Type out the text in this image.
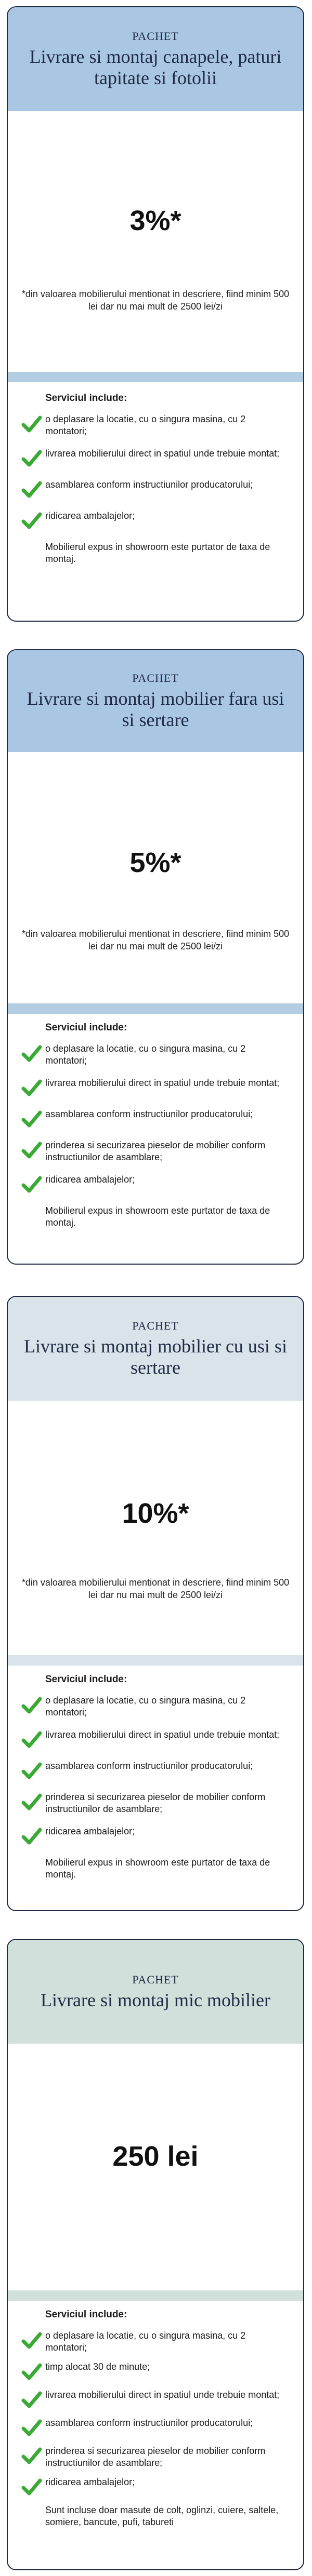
PACHET
Livrare si montaj canapele, paturi tapitate si fotolii
3%*
*din valoarea mobilierului mentionat in descriere, fiind minim 500 lei dar nu mai mult de 2500 lei/zi
Serviciul include:
o deplasare la locatie, cu o singura masina, cu 2 montatori;
livrarea mobilierului direct in spatiul unde trebuie montat;
asamblarea conform instructiunilor producatorului;
ridicarea ambalajelor;
Mobilierul expus in showroom este purtator de taxa de montaj.
PACHET
Livrare si montaj mobilier fara usi si sertare
5%*
*din valoarea mobilierului mentionat in descriere, fiind minim 500 lei dar nu mai mult de 2500 lei/zi
Serviciul include:
o deplasare la locatie, cu o singura masina, cu 2 montatori;
livrarea mobilierului direct in spatiul unde trebuie montat;
asamblarea conform instructiunilor producatorului;
prinderea si securizarea pieselor de mobilier conform instructiunilor de asamblare;
ridicarea ambalajelor;
Mobilierul expus in showroom este purtator de taxa de montaj.
PACHET
Livrare si montaj mobilier cu usi si sertare
10%*
*din valoarea mobilierului mentionat in descriere, fiind minim 500 lei dar nu mai mult de 2500 lei/zi
Serviciul include:
o deplasare la locatie, cu o singura masina, cu 2 montatori;
livrarea mobilierului direct in spatiul unde trebuie montat;
asamblarea conform instructiunilor producatorului;
prinderea si securizarea pieselor de mobilier conform instructiunilor de asamblare;
ridicarea ambalajelor;
Mobilierul expus in showroom este purtator de taxa de montaj.
PACHET
Livrare si montaj mic mobilier
250 lei
Serviciul include:
o deplasare la locatie, cu o singura masina, cu 2 montatori;
timp alocat 30 de minute;
livrarea mobilierului direct in spatiul unde trebuie montat;
asamblarea conform instructiunilor producatorului;
prinderea si securizarea pieselor de mobilier conform instructiunilor de asamblare;
ridicarea ambalajelor;
Sunt incluse doar masute de colt, oglinzi, cuiere, saltele, somiere, bancute, pufi, tabureti
